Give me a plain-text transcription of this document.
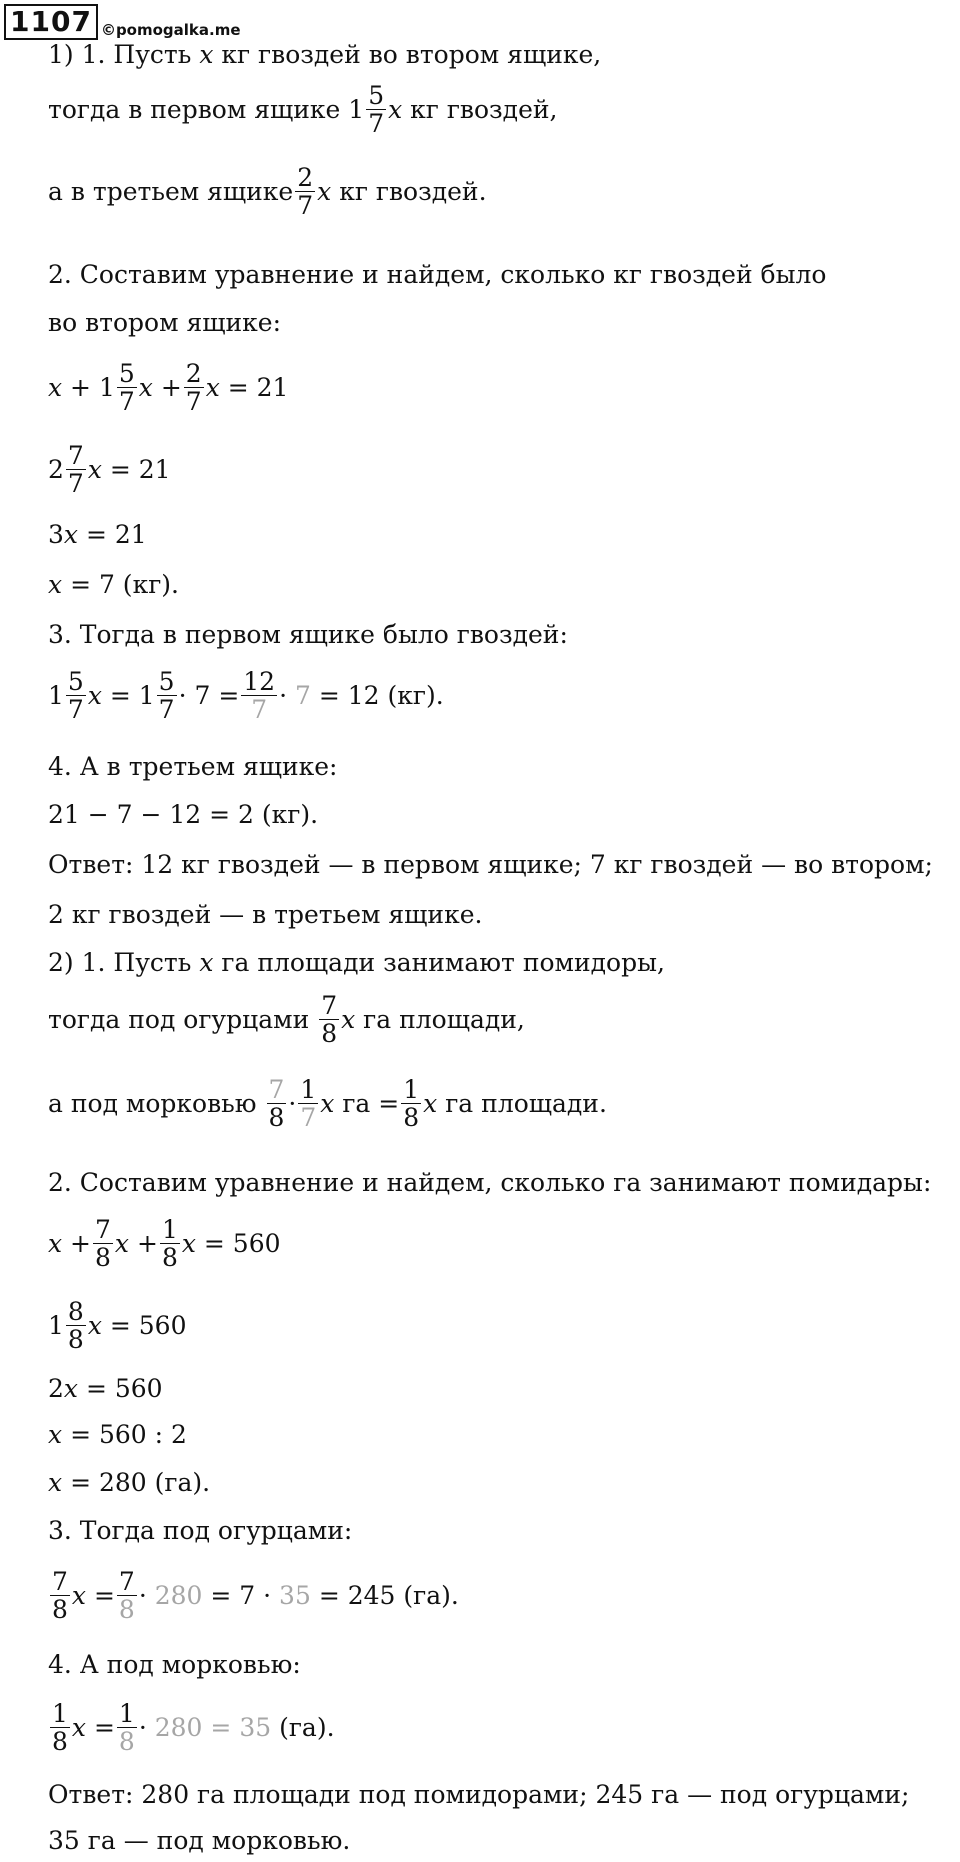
1107 ©pomogalka.me
1) 1. Пусть
x
кг гвоздей во втором ящике,
тогда в первом ящике 1 5
7 x
кг гвоздей,
а в третьем ящике 2
7 x
кг гвоздей.
2. Составим уравнение и найдем, сколько кг гвоздей было
во втором ящике:
x + 1 5
7 x + 2
7 x
= 21
2 7
7 x
= 21
3 x
= 21
x
= 7 (кг).
3. Тогда в первом ящике было гвоздей:
1 5
7 x = 1 5
7 · 7 = 12
7 · 7
= 12 (кг).
4. А в третьем ящике:
21 − 7 − 12 = 2 (кг).
Ответ: 12 кг гвоздей — в первом ящике; 7 кг гвоздей — во втором;
2 кг гвоздей — в третьем ящике.
2) 1. Пусть
x
га площади занимают помидоры,
тогда под огурцами
7
8 x
га площади,
а под морковью
7
8 · 1
7 x
га = $\frac{1}{8}$ x
га площади.
2. Составим уравнение и найдем, сколько га занимают помидары:
x + 7
8 x + 1
8 x
= 560
1 8
8 x
= 560
2 x
= 560
x
= 560 : 2
x
= 280 (га).
3. Тогда под огурцами:
7
8 x = 7
8 · 280 = 7 · 35
= 245 (га).
4. А под морковью:
1
8 x = 1
8 · 280
=
35
(га).
Ответ: 280 га площади под помидорами; 245 га — под огурцами;
35 га — под морковью.
